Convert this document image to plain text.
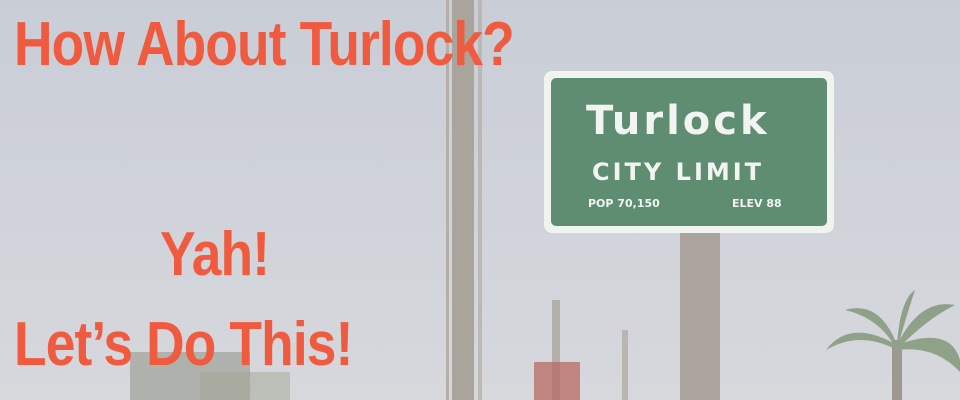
Turlock
CITY LIMIT
POP 70,150	ELEV 88
How About Turlock?
Yah!
Let’s Do This!
